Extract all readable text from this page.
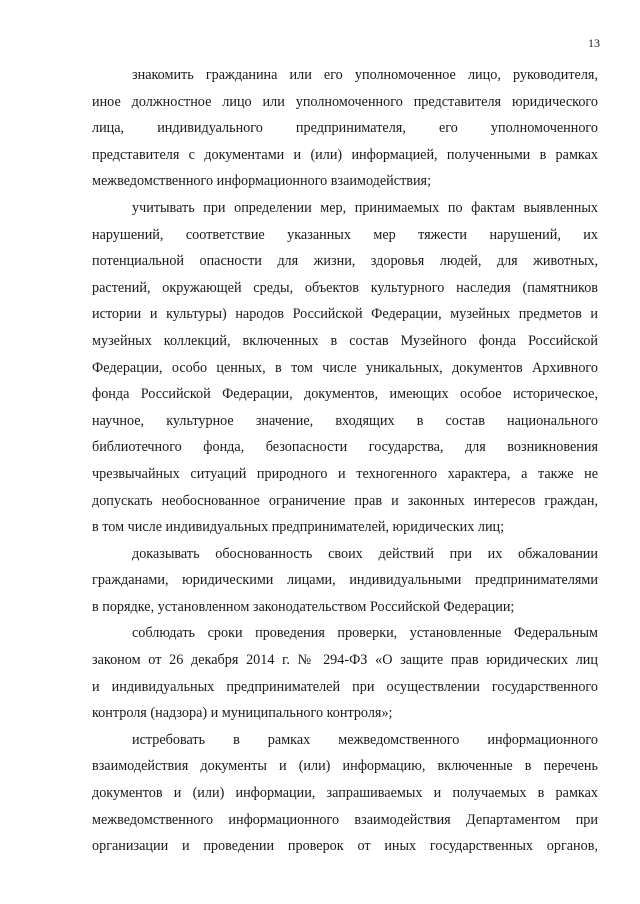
13
знакомить гражданина или его уполномоченное лицо, руководителя,
иное должностное лицо или уполномоченного представителя юридического
лица, индивидуального предпринимателя, его уполномоченного
представителя с документами и (или) информацией, полученными в рамках
межведомственного информационного взаимодействия;
учитывать при определении мер, принимаемых по фактам выявленных
нарушений, соответствие указанных мер тяжести нарушений, их
потенциальной опасности для жизни, здоровья людей, для животных,
растений, окружающей среды, объектов культурного наследия (памятников
истории и культуры) народов Российской Федерации, музейных предметов и
музейных коллекций, включенных в состав Музейного фонда Российской
Федерации, особо ценных, в том числе уникальных, документов Архивного
фонда Российской Федерации, документов, имеющих особое историческое,
научное, культурное значение, входящих в состав национального
библиотечного фонда, безопасности государства, для возникновения
чрезвычайных ситуаций природного и техногенного характера, а также не
допускать необоснованное ограничение прав и законных интересов граждан,
в том числе индивидуальных предпринимателей, юридических лиц;
доказывать обоснованность своих действий при их обжаловании
гражданами, юридическими лицами, индивидуальными предпринимателями
в порядке, установленном законодательством Российской Федерации;
соблюдать сроки проведения проверки, установленные Федеральным
законом от 26 декабря 2014 г. № 294-ФЗ «О защите прав юридических лиц
и индивидуальных предпринимателей при осуществлении государственного
контроля (надзора) и муниципального контроля»;
истребовать в рамках межведомственного информационного
взаимодействия документы и (или) информацию, включенные в перечень
документов и (или) информации, запрашиваемых и получаемых в рамках
межведомственного информационного взаимодействия Департаментом при
организации и проведении проверок от иных государственных органов,
